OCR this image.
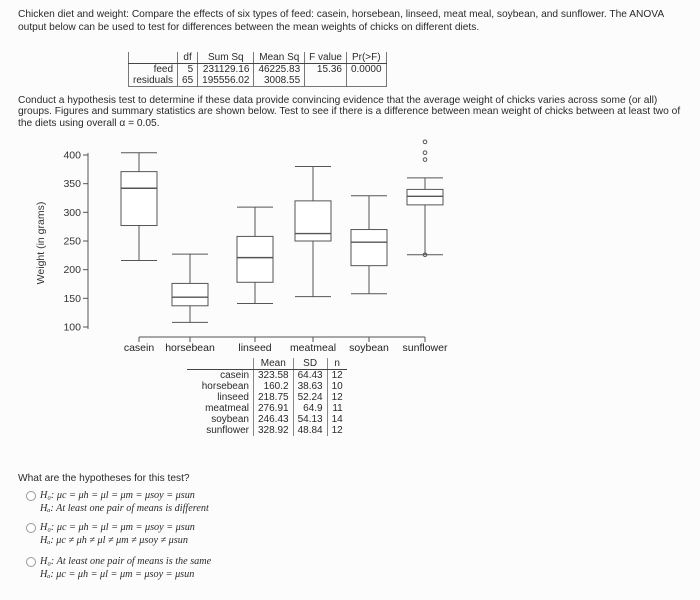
Chicken diet and weight: Compare the effects of six types of feed: casein, horsebean, linseed, meat meal, soybean, and sunflower. The ANOVA output below can be used to test for differences between the mean weights of chicks on different diets.

	df	Sum Sq	Mean Sq	F value	Pr(>F)
feed	5	231129.16	46225.83	15.36	0.0000
residuals	65	195556.02	3008.55		

Conduct a hypothesis test to determine if these data provide convincing evidence that the average weight of chicks varies across some (or all) groups. Figures and summary statistics are shown below. Test to see if there is a difference between mean weight of chicks between at least two of the diets using overall α = 0.05.

100
150
200
250
300
350
400
casein horsebean linseed meatmeal soybean sunflower
Weight (in grams)
	Mean	SD	n
casein	323.58	64.43	12
horsebean	160.2	38.63	10
linseed	218.75	52.24	12
meatmeal	276.91	64.9	11
soybean	246.43	54.13	14
sunflower	328.92	48.84	12

What are the hypotheses for this test?

H₀: μc = μh = μl = μm = μsoy = μsun
Hₐ: At least one pair of means is different
H₀: μc = μh = μl = μm = μsoy = μsun
Hₐ: μc ≠ μh ≠ μl ≠ μm ≠ μsoy ≠ μsun
H₀: At least one pair of means is the same
Hₐ: μc = μh = μl = μm = μsoy = μsun
